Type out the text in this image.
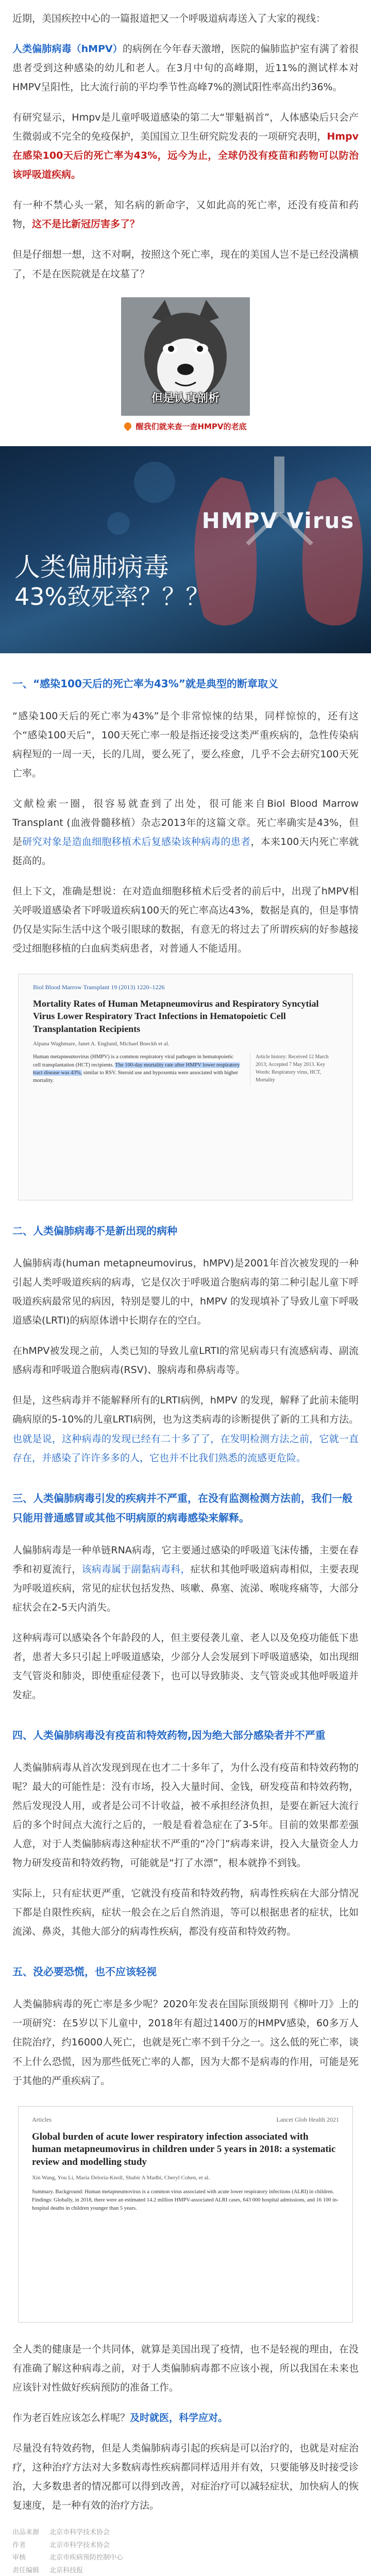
近期，美国疾控中心的一篇报道把又一个呼吸道病毒送入了大家的视线：

人类偏肺病毒（hMPV）的病例在今年春天激增，医院的偏肺监护室有满了着很患者受到这种感染的幼儿和老人。在3月中旬的高峰期，近11%的测试样本对HMPV呈阳性，比大流行前的平均季节性高峰7%的测试阳性率高出约36%。

有研究显示，Hmpv是儿童呼吸道感染的第二大“罪魁祸首”，人体感染后只会产生微弱或不完全的免疫保护，美国国立卫生研究院发表的一项研究表明，Hmpv在感染100天后的死亡率为43%，远今为止，全球仍没有疫苗和药物可以防治该呼吸道疾病。

有一种不禁心头一紧，知名病的新命字，又如此高的死亡率，还没有疫苗和药物，这不是比新冠厉害多了？

但是仔细想一想，这不对啊，按照这个死亡率，现在的美国人岂不是已经没满横了，不是在医院就是在坟墓了？

但是认真剖析
醒我们就来查一查HMPV的老底
HMPV Virus
人类偏肺病毒
43%致死率？？？
一、“感染100天后的死亡率为43%”就是典型的断章取义

“感染100天后的死亡率为43%”是个非常惊悚的结果，同样惊惊的，还有这个“感染100天后”，100天死亡率一般是指还接受这类严重疾病的，急性传染病病程短的一周一天，长的几周，要么死了，要么痊愈，几乎不会去研究100天死亡率。

文献检索一圈，很容易就查到了出处，很可能来自Biol Blood Marrow Transplant (血液骨髓移植）杂志2013年的这篇文章。死亡率确实是43%，但是研究对象是造血细胞移植术后复感染该种病毒的患者，本来100天内死亡率就挺高的。

但上下文，准确是想说：在对造血细胞移植术后受者的前后中，出现了hMPV相关呼吸道感染者下呼吸道疾病100天的死亡率高达43%，数据是真的，但是事情仍仅是实际生活中这个吸引眼球的数据，有意无的将过去了所谓疾病的好参越接受过细胞移植的白血病类病患者，对普通人不能适用。

Biol Blood Marrow Transplant 19 (2013) 1220–1226
Mortality Rates of Human Metapneumovirus and Respiratory Syncytial Virus Lower Respiratory Tract Infections in Hematopoietic Cell Transplantation Recipients
Alpana Waghmare, Janet A. Englund, Michael Boeckh et al.
Human metapneumovirus (HMPV) is a common respiratory viral pathogen in hematopoietic cell transplantation (HCT) recipients. The 100-day mortality rate after HMPV lower respiratory tract disease was 43%, similar to RSV. Steroid use and hypoxemia were associated with higher mortality.
Article history: Received 12 March 2013; Accepted 7 May 2013. Key Words: Respiratory virus, HCT, Mortality
二、人类偏肺病毒不是新出现的病种

人偏肺病毒(human metapneumovirus，hMPV)是2001年首次被发现的一种引起人类呼吸道疾病的病毒，它是仅次于呼吸道合胞病毒的第二种引起儿童下呼吸道疾病最常见的病因，特别是婴儿的中，hMPV 的发现填补了导致儿童下呼吸道感染(LRTI)的病原体谱中长期存在的空白。

在hMPV被发现之前，人类已知的导致儿童LRTI的常见病毒只有流感病毒、副流感病毒和呼吸道合胞病毒(RSV)、腺病毒和鼻病毒等。

但是，这些病毒并不能解释所有的LRTI病例，hMPV 的发现，解释了此前未能明确病原的5-10%的儿童LRTI病例，也为这类病毒的诊断提供了新的工具和方法。也就是说，这种病毒的发现已经有二十多了了，在发明检测方法之前，它就一直存在，并感染了许许多多的人，它也并不比我们熟悉的流感更危险。

三、人类偏肺病毒引发的疾病并不严重，在没有监测检测方法前，我们一般只能用普通感冒或其他不明病原的病毒感染来解释。

人偏肺病毒是一种单链RNA病毒，它主要通过感染的呼吸道飞沫传播，主要在春季和初夏流行，该病毒属于副黏病毒科，症状和其他呼吸道病毒相似，主要表现为呼吸道疾病，常见的症状包括发热、咳嗽、鼻塞、流涕、喉咙疼痛等，大部分症状会在2-5天内消失。

这种病毒可以感染各个年龄段的人，但主要侵袭儿童、老人以及免疫功能低下患者，患者大多只引起上呼吸道感染，少部分人会发展到下呼吸道感染，如出现细支气管炎和肺炎，即使重症侵袭下，也可以导致肺炎、支气管炎或其他呼吸道并发症。

四、人类偏肺病毒没有疫苗和特效药物,因为绝大部分感染者并不严重

人类偏肺病毒从首次发现到现在也才二十多年了，为什么没有疫苗和特效药物的呢？最大的可能性是：没有市场，投入大量时间、金钱，研发疫苗和特效药物，然后发现没人用，或者是公司不计收益，被不承担经济负担，是要在新冠大流行后的多个时间点大流行之后的，一般是看着急症在了3-5年。目前的效果都差强人意，对于人类偏肺病毒这种症状不严重的“冷门”病毒来讲，投入大量资金人力物力研发疫苗和特效药物，可能就是“打了水漂”，根本就挣不到钱。

实际上，只有症状更严重，它就没有疫苗和特效药物，病毒性疾病在大部分情况下都是自限性疾病，症状一般会在之后自然消退，等可以根据患者的症状，比如流涕、鼻炎，其他大部分的病毒性疾病，都没有疫苗和特效药物。

五、没必要恐慌，也不应该轻视

人类偏肺病毒的死亡率是多少呢？2020年发表在国际顶级期刊《柳叶刀》上的一项研究：在5岁以下儿童中，2018年有超过1400万的HMPV感染，60多万人住院治疗，约16000人死亡，也就是死亡率不到千分之一。这么低的死亡率，谈不上什么恐慌，因为那些低死亡率的人都，因为大都不是病毒的作用，可能是死于其他的严重疾病了。

Articles	Lancet Glob Health 2021
Global burden of acute lower respiratory infection associated with human metapneumovirus in children under 5 years in 2018: a systematic review and modelling study
Xin Wang, You Li, Maria Deloria-Knoll, Shabir A Madhi, Cheryl Cohen, et al.
Summary. Background: Human metapneumovirus is a common virus associated with acute lower respiratory infections (ALRI) in children. Findings: Globally, in 2018, there were an estimated 14.2 million HMPV-associated ALRI cases, 643 000 hospital admissions, and 16 100 in-hospital deaths in children younger than 5 years.

全人类的健康是一个共同体，就算是美国出现了疫情，也不是轻视的理由，在没有准确了解这种病毒之前，对于人类偏肺病毒都不应该小视，所以我国在未来也应该针对性做好疾病预防的准备工作。

作为老百姓应该怎么样呢？及时就医，科学应对。

尽量没有特效药物，但是人类偏肺病毒引起的疾病是可以治疗的，也就是对症治疗，这种治疗方法对大多数病毒性疾病都同样适用并有效，只要能够及时接受诊治，大多数患者的情况都可以得到改善，对症治疗可以减轻症状，加快病人的恢复速度，是一种有效的治疗方法。

出品来源	北京市科学技术协会
作者	北京市科学技术协会
审核	北京市疾病预防控制中心
责任编辑	北京科技报
